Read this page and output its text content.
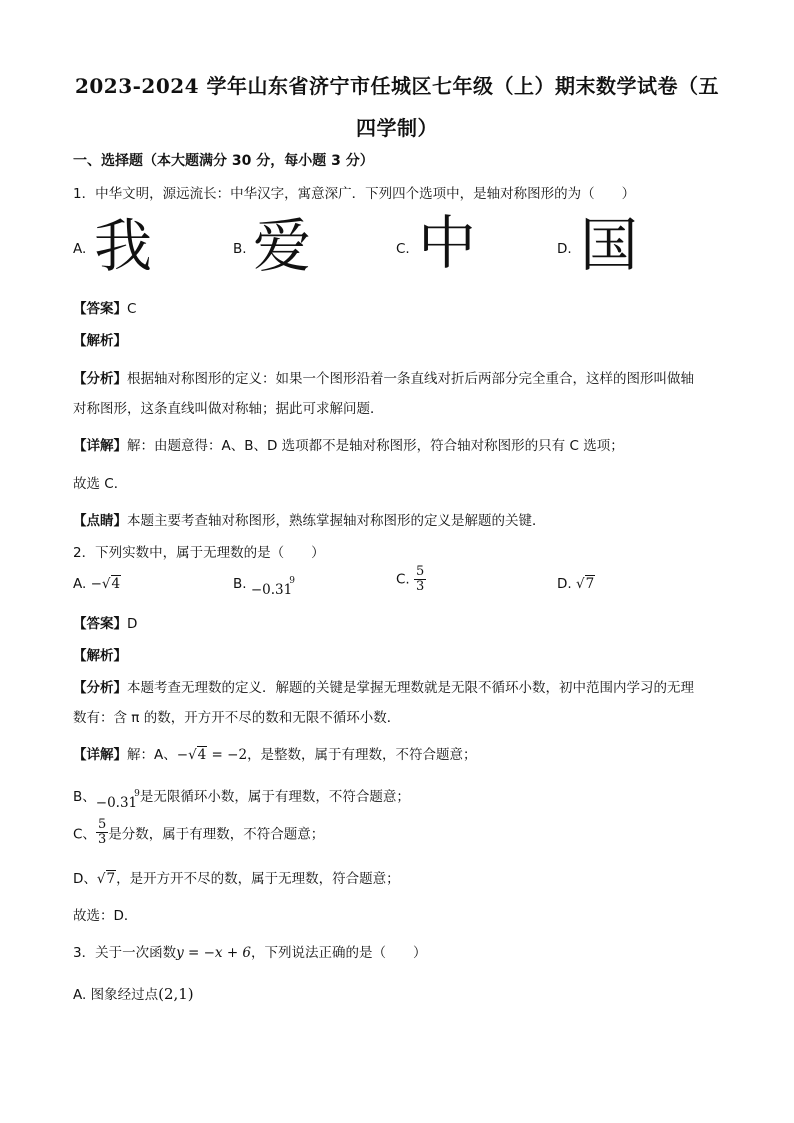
2023-2024 学年山东省济宁市任城区七年级（上）期末数学试卷（五
四学制）
一、选择题（本大题满分 30 分，每小题 3 分）
1．中华文明，源远流长：中华汉字，寓意深广．下列四个选项中，是轴对称图形的为（　　）
A. 我	B. 爱	C. 中	D. 国
【答案】C
【解析】
【分析】根据轴对称图形的定义：如果一个图形沿着一条直线对折后两部分完全重合，这样的图形叫做轴
对称图形，这条直线叫做对称轴；据此可求解问题．
【详解】解：由题意得：A、B、D 选项都不是轴对称图形，符合轴对称图形的只有 C 选项；
故选 C．
【点睛】本题主要考查轴对称图形，熟练掌握轴对称图形的定义是解题的关键．
2．下列实数中，属于无理数的是（　　）
A. −√4	B. $-0.31^9$	C. $\frac{5}{3}$	D. √7
【答案】D
【解析】
【分析】本题考查无理数的定义．解题的关键是掌握无理数就是无限不循环小数，初中范围内学习的无理
数有：含 π 的数，开方开不尽的数和无限不循环小数．
【详解】解：A、−√4 = −2，是整数，属于有理数，不符合题意；
B、$-0.31^9$是无限循环小数，属于有理数，不符合题意；
C、 $\frac{5}{3}$ 是分数，属于有理数，不符合题意；
D、√7，是开方开不尽的数，属于无理数，符合题意；
故选：D．
3．关于一次函数y = −x + 6，下列说法正确的是（　　）
A. 图象经过点(2,1)
